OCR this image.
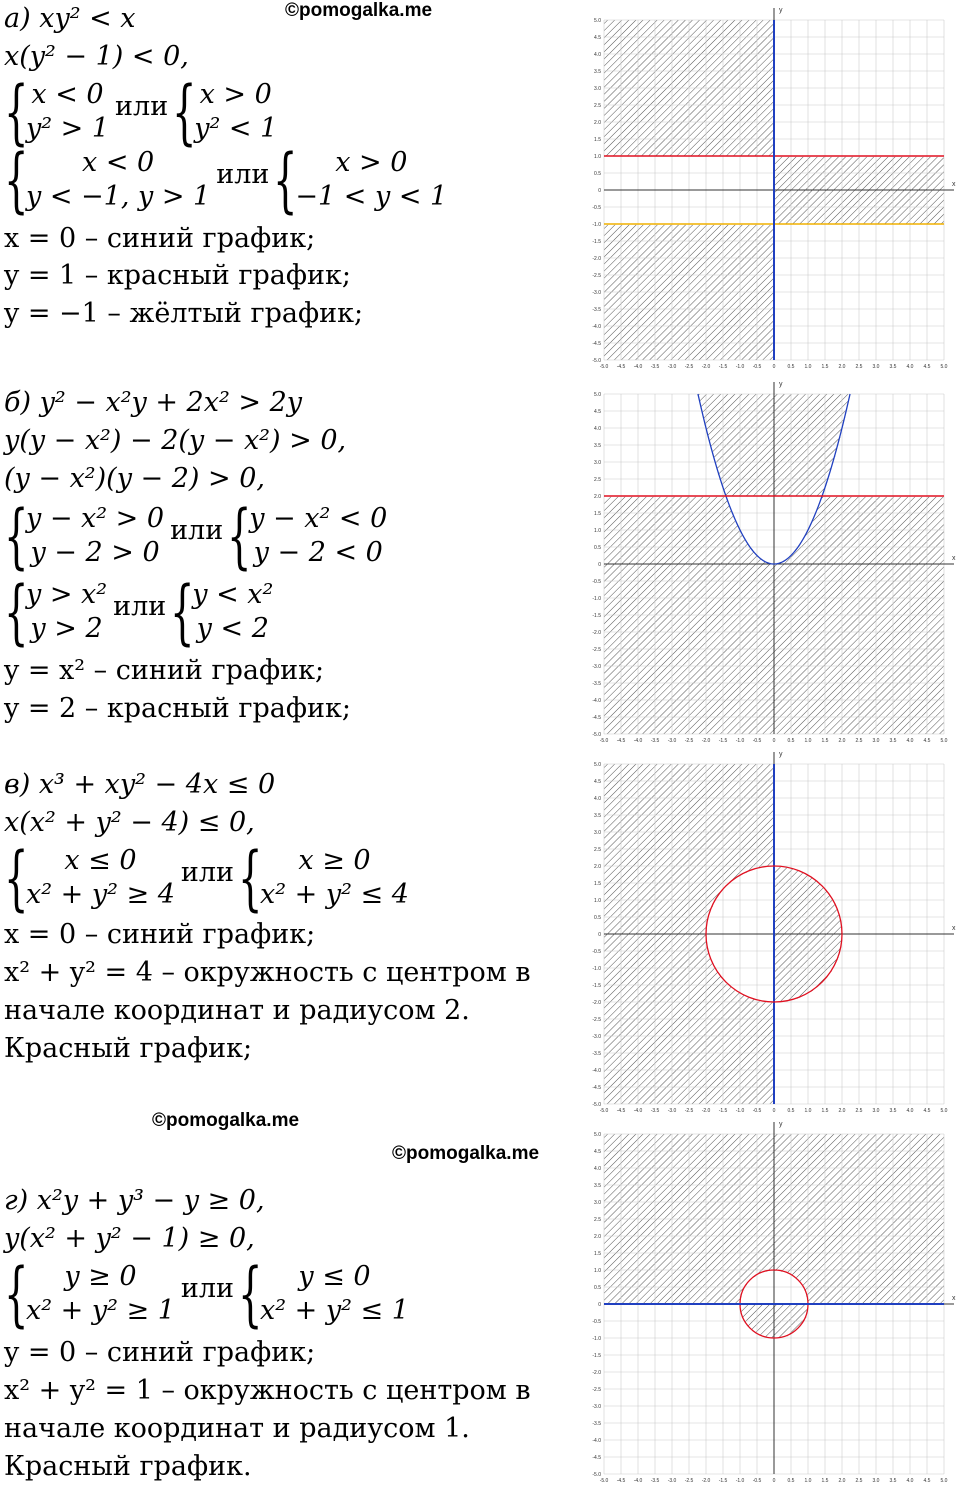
©pomogalka.me
©pomogalka.me
©pomogalka.me
а) xy² < x
x(y² − 1) < 0,
{ x < 0
y² > 1
или { x > 0
y² < 1
{ x < 0
y < −1, y > 1
или { x > 0
−1 < y < 1
x = 0 – синий график;
y = 1 – красный график;
y = −1 – жёлтый график;
б) y² − x²y + 2x² > 2y
y(y − x²) − 2(y − x²) > 0,
(y − x²)(y − 2) > 0,
{
y − x² > 0
y − 2 > 0
или {
y − x² < 0
y − 2 < 0
{
y > x²
y > 2
или {
y < x²
y < 2
y = x² – синий график;
y = 2 – красный график;
в) x³ + xy² − 4x ≤ 0
x(x² + y² − 4) ≤ 0,
{ x ≤ 0
x² + y² ≥ 4
или { x ≥ 0
x² + y² ≤ 4
x = 0 – синий график;
x² + y² = 4 – окружность с центром в
начале координат и радиусом 2.
Красный график;
г) x²y + y³ − y ≥ 0,
y(x² + y² − 1) ≥ 0,
{ y ≥ 0
x² + y² ≥ 1
или { y ≤ 0
x² + y² ≤ 1
y = 0 – синий график;
x² + y² = 1 – окружность с центром в
начале координат и радиусом 1.
Красный график.
-5.0
-5.0
-4.5
-4.5
-4.0
-4.0
-3.5
-3.5
-3.0
-3.0
-2.5
-2.5
-2.0
-2.0
-1.5
-1.5
-1.0
-1.0
-0.5
-0.5
0
0
0.5
0.5
1.0
1.0
1.5
1.5
2.0
2.0
2.5
2.5
3.0
3.0
3.5
3.5
4.0
4.0
4.5
4.5
5.0
5.0
x
y
-5.0
-5.0
-4.5
-4.5
-4.0
-4.0
-3.5
-3.5
-3.0
-3.0
-2.5
-2.5
-2.0
-2.0
-1.5
-1.5
-1.0
-1.0
-0.5
-0.5
0
0
0.5
0.5
1.0
1.0
1.5
1.5
2.0
2.0
2.5
2.5
3.0
3.0
3.5
3.5
4.0
4.0
4.5
4.5
5.0
5.0
x
y
-5.0
-5.0
-4.5
-4.5
-4.0
-4.0
-3.5
-3.5
-3.0
-3.0
-2.5
-2.5
-2.0
-2.0
-1.5
-1.5
-1.0
-1.0
-0.5
-0.5
0
0
0.5
0.5
1.0
1.0
1.5
1.5
2.0
2.0
2.5
2.5
3.0
3.0
3.5
3.5
4.0
4.0
4.5
4.5
5.0
5.0
x
y
-5.0
-5.0
-4.5
-4.5
-4.0
-4.0
-3.5
-3.5
-3.0
-3.0
-2.5
-2.5
-2.0
-2.0
-1.5
-1.5
-1.0
-1.0
-0.5
-0.5
0
0
0.5
0.5
1.0
1.0
1.5
1.5
2.0
2.0
2.5
2.5
3.0
3.0
3.5
3.5
4.0
4.0
4.5
4.5
5.0
5.0
x
y
